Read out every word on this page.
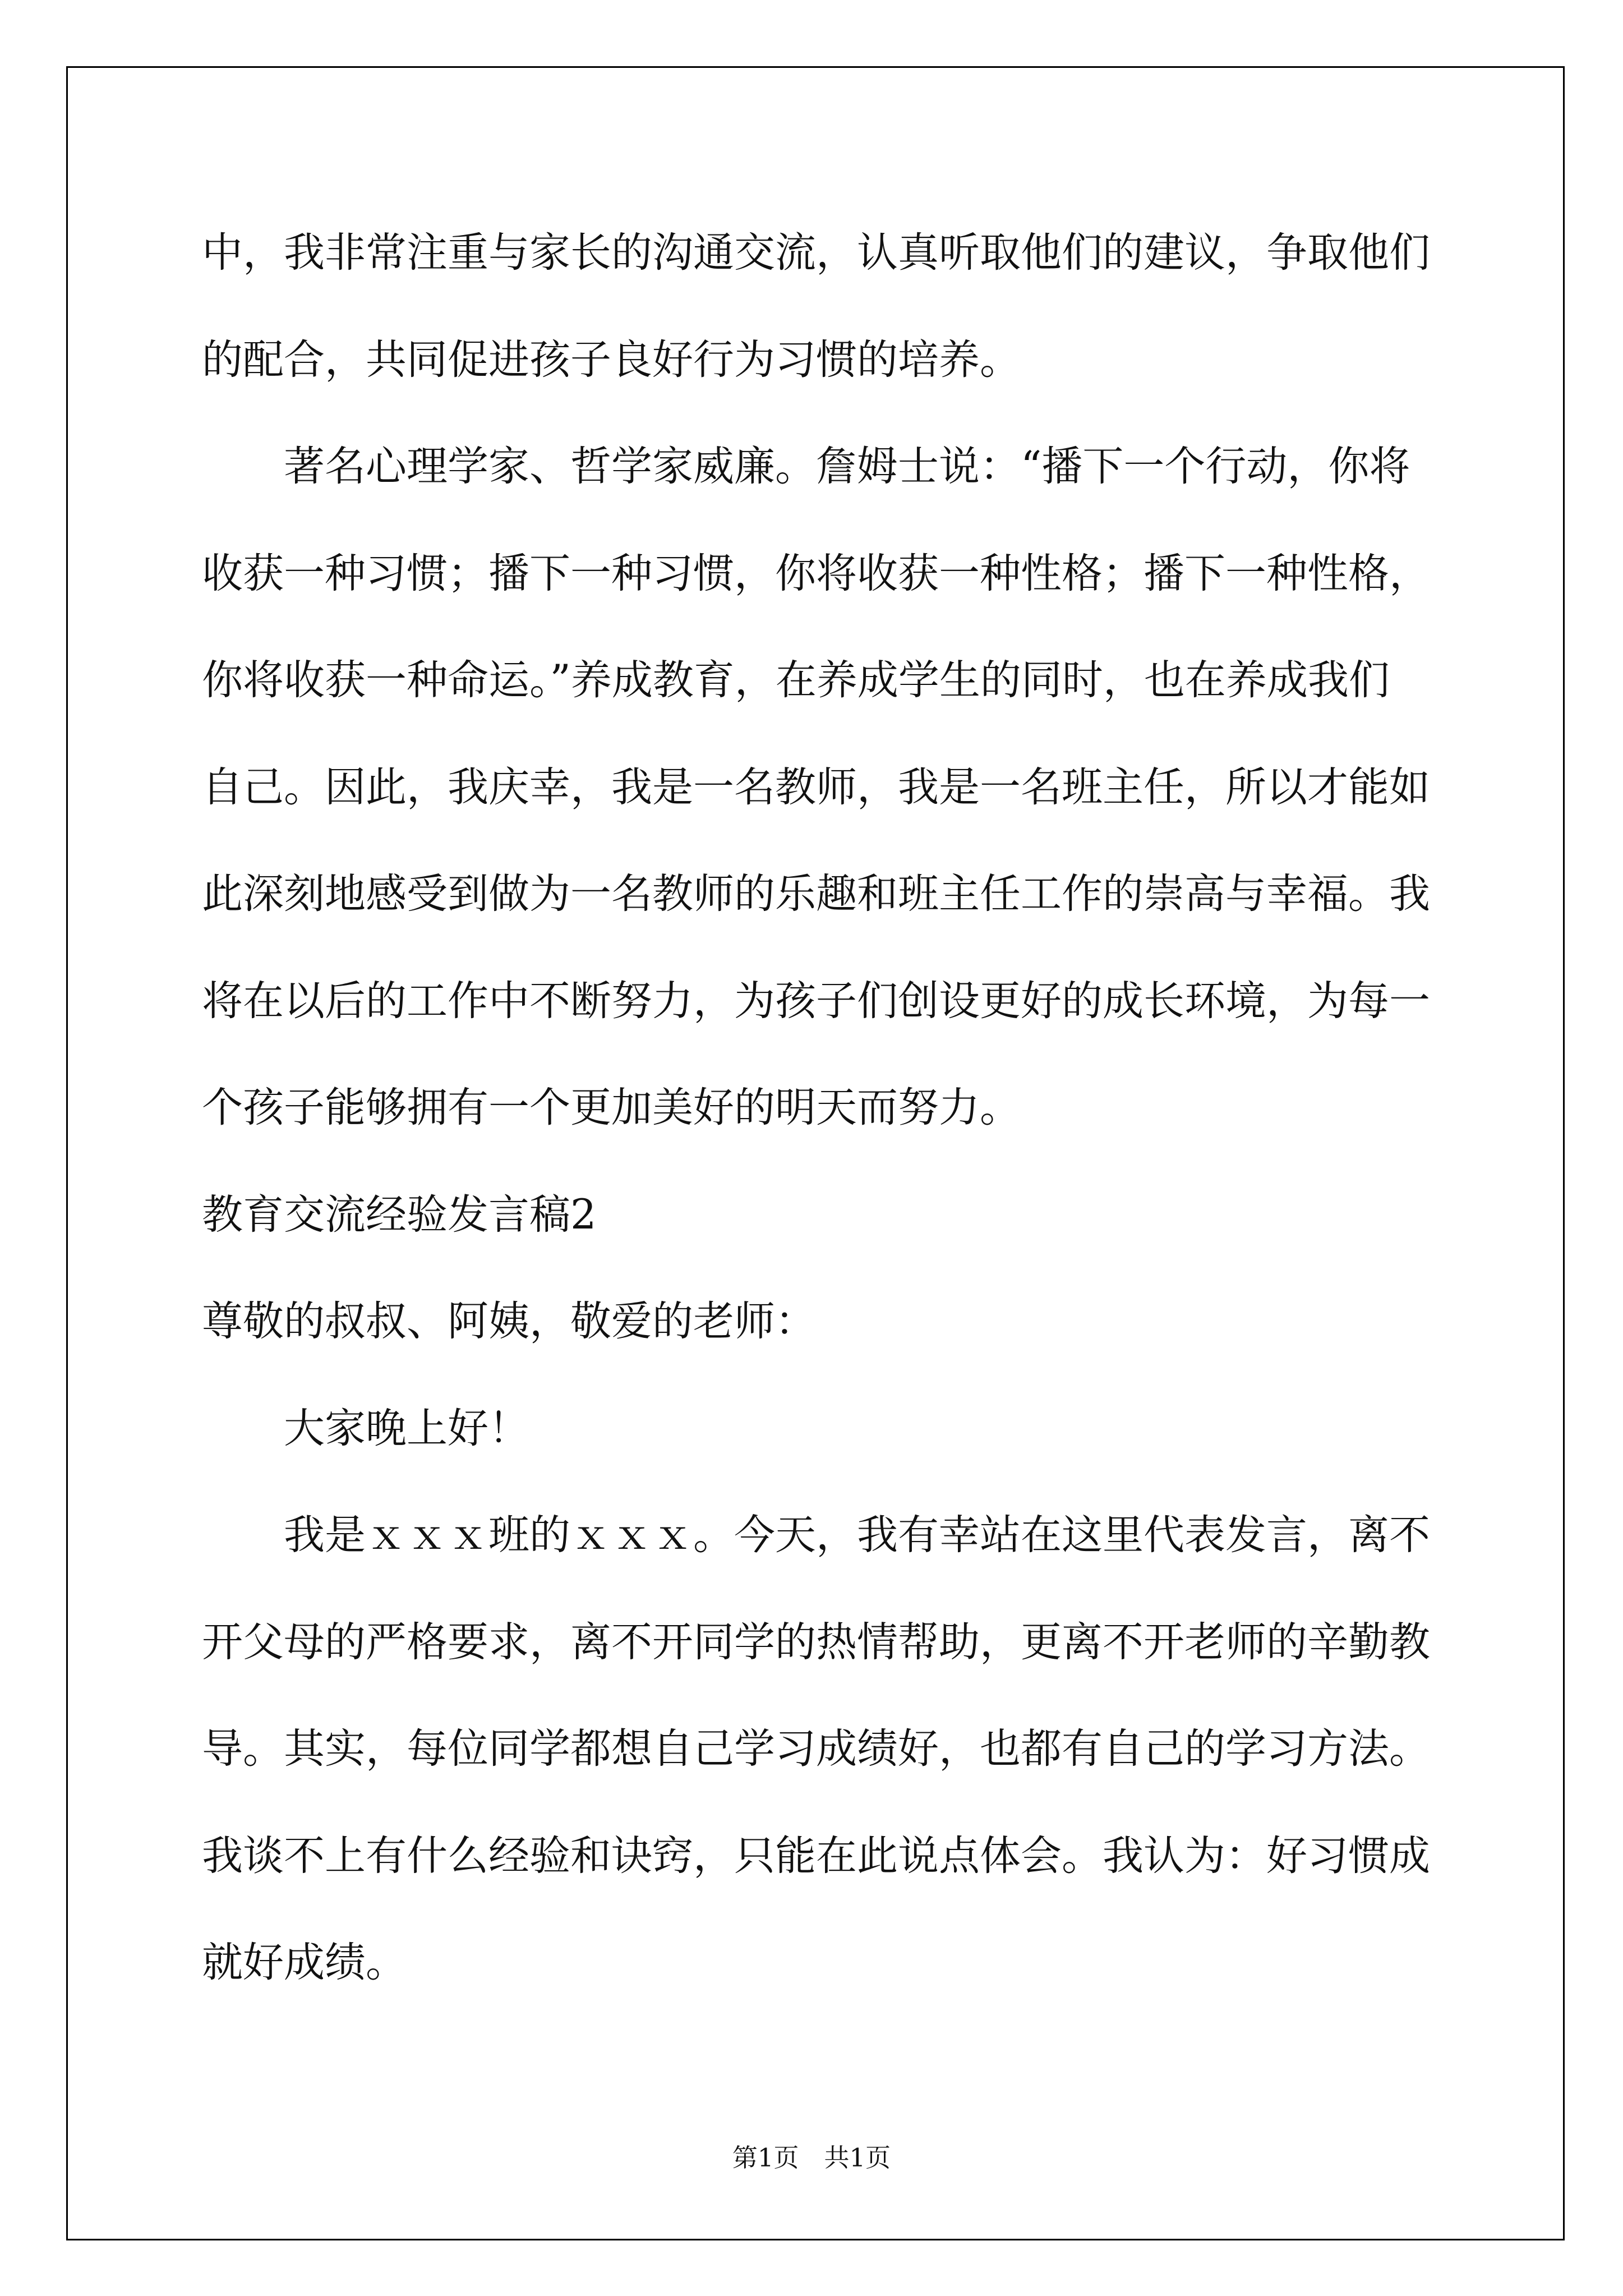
中，我非常注重与家长的沟通交流，认真听取他们的建议，争取他们
的配合，共同促进孩子良好行为习惯的培养。
著名心理学家、哲学家威廉。詹姆士说：“播下一个行动，你将
收获一种习惯；播下一种习惯，你将收获一种性格；播下一种性格，
你将收获一种命运。”养成教育，在养成学生的同时，也在养成我们
自己。因此，我庆幸，我是一名教师，我是一名班主任，所以才能如
此深刻地感受到做为一名教师的乐趣和班主任工作的崇高与幸福。我
将在以后的工作中不断努力，为孩子们创设更好的成长环境，为每一
个孩子能够拥有一个更加美好的明天而努力。
教育交流经验发言稿2
尊敬的叔叔、阿姨，敬爱的老师：
大家晚上好！
我是ｘｘｘ班的ｘｘｘ。今天，我有幸站在这里代表发言，离不
开父母的严格要求，离不开同学的热情帮助，更离不开老师的辛勤教
导。其实，每位同学都想自己学习成绩好，也都有自己的学习方法。
我谈不上有什么经验和诀窍，只能在此说点体会。我认为：好习惯成
就好成绩。
第1页　共1页
